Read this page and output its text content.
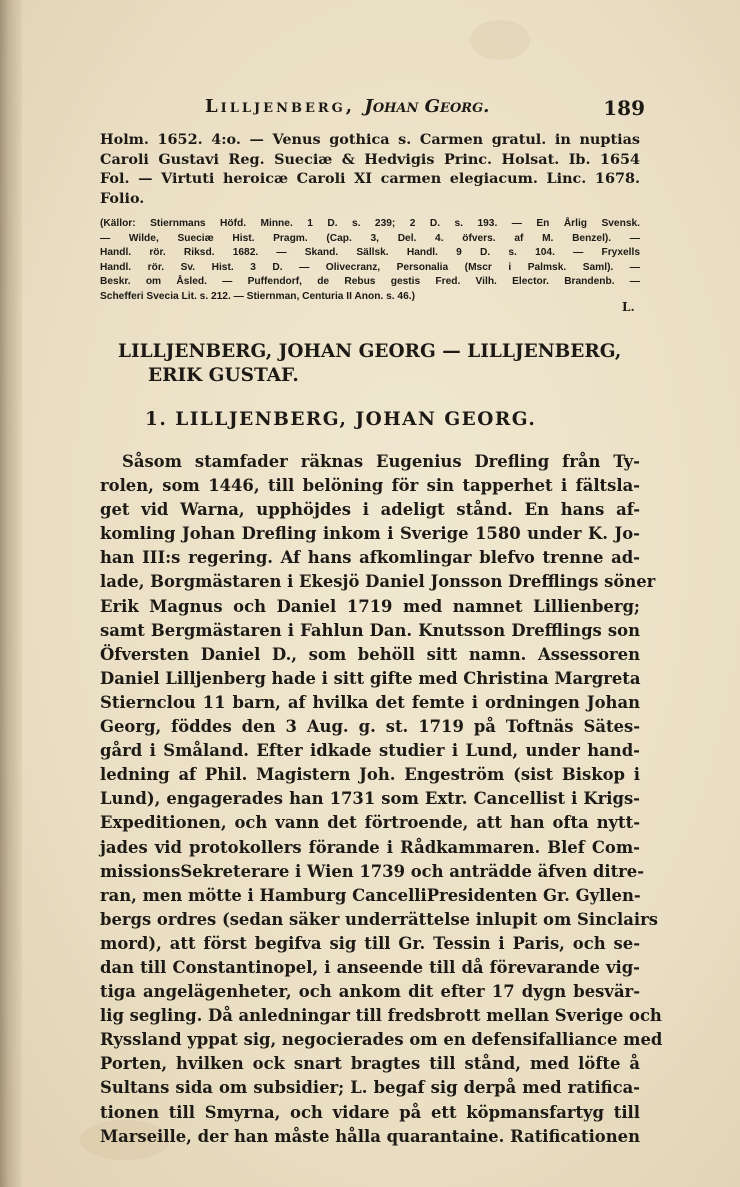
Lilljenberg, Johan Georg.	189
Holm. 1652. 4:o. — Venus gothica s. Carmen gratul. in nuptias
Caroli Gustavi Reg. Sueciæ & Hedvigis Princ. Holsat. Ib. 1654
Fol. — Virtuti heroicæ Caroli XI carmen elegiacum. Linc. 1678.
Folio.
(Källor: Stiernmans Höfd. Minne. 1 D. s. 239; 2 D. s. 193. — En Årlig Svensk.
— Wilde, Sueciæ Hist. Pragm. (Cap. 3, Del. 4. öfvers. af M. Benzel). —
Handl. rör. Riksd. 1682. — Skand. Sällsk. Handl. 9 D. s. 104. — Fryxells
Handl. rör. Sv. Hist. 3 D. — Olivecranz, Personalia (Mscr i Palmsk. Saml). —
Beskr. om Åsled. — Puffendorf, de Rebus gestis Fred. Vilh. Elector. Brandenb. —
Schefferi Svecia Lit. s. 212. — Stiernman, Centuria II Anon. s. 46.)
L.
LILLJENBERG, JOHAN GEORG — LILLJENBERG,
ERIK GUSTAF.
1. LILLJENBERG, JOHAN GEORG.
Såsom stamfader räknas Eugenius Drefling från Ty-
rolen, som 1446, till belöning för sin tapperhet i fältsla-
get vid Warna, upphöjdes i adeligt stånd. En hans af-
komling Johan Drefling inkom i Sverige 1580 under K. Jo-
han III:s regering. Af hans afkomlingar blefvo trenne ad-
lade, Borgmästaren i Ekesjö Daniel Jonsson Drefflings söner
Erik Magnus och Daniel 1719 med namnet Lillienberg;
samt Bergmästaren i Fahlun Dan. Knutsson Drefflings son
Öfversten Daniel D., som behöll sitt namn. Assessoren
Daniel Lilljenberg hade i sitt gifte med Christina Margreta
Stiernclou 11 barn, af hvilka det femte i ordningen Johan
Georg, föddes den 3 Aug. g. st. 1719 på Toftnäs Sätes-
gård i Småland. Efter idkade studier i Lund, under hand-
ledning af Phil. Magistern Joh. Engeström (sist Biskop i
Lund), engagerades han 1731 som Extr. Cancellist i Krigs-
Expeditionen, och vann det förtroende, att han ofta nytt-
jades vid protokollers förande i Rådkammaren. Blef Com-
missionsSekreterare i Wien 1739 och anträdde äfven ditre-
ran, men mötte i Hamburg CancelliPresidenten Gr. Gyllen-
bergs ordres (sedan säker underrättelse inlupit om Sinclairs
mord), att först begifva sig till Gr. Tessin i Paris, och se-
dan till Constantinopel, i anseende till då förevarande vig-
tiga angelägenheter, och ankom dit efter 17 dygn besvär-
lig segling. Då anledningar till fredsbrott mellan Sverige och
Ryssland yppat sig, negocierades om en defensifalliance med
Porten, hvilken ock snart bragtes till stånd, med löfte å
Sultans sida om subsidier; L. begaf sig derpå med ratifica-
tionen till Smyrna, och vidare på ett köpmansfartyg till
Marseille, der han måste hålla quarantaine. Ratificationen
